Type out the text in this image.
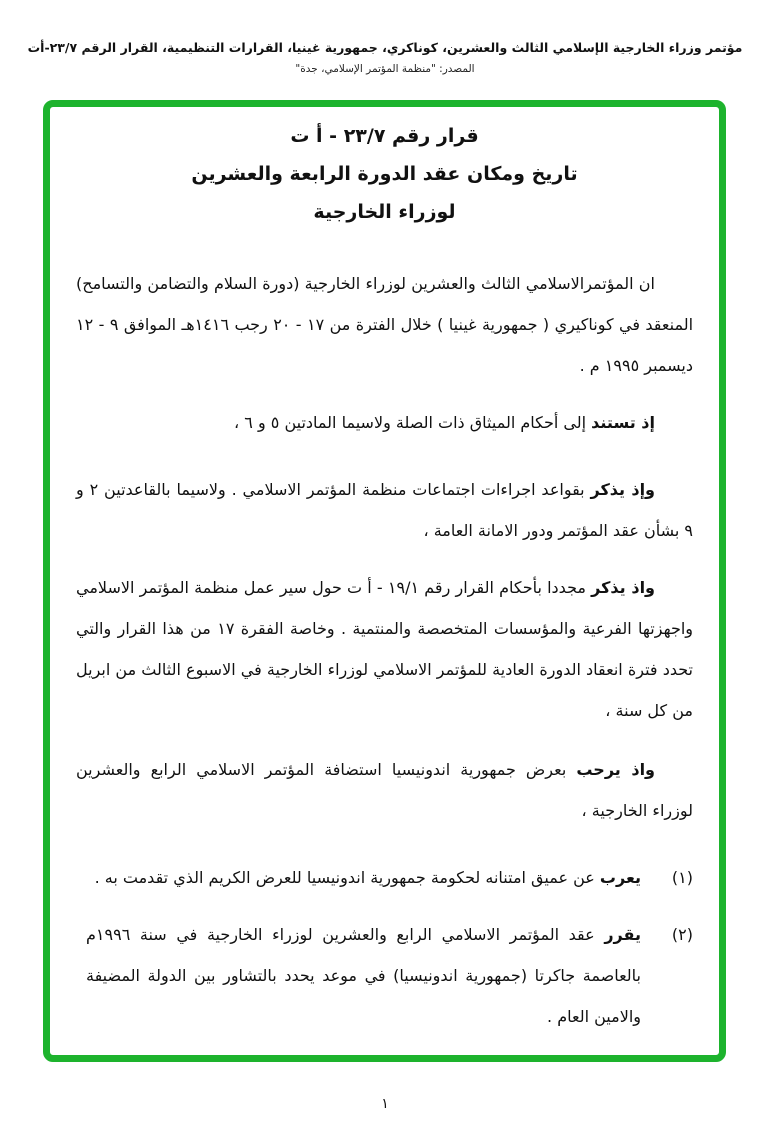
مؤتمر وزراء الخارجية الإسلامي الثالث والعشرين، كوناكري، جمهورية غينيا، القرارات التنظيمية، القرار الرقم ٢٣/٧-أت
المصدر: "منظمة المؤتمر الإسلامي، جدة"
قرار رقم ٢٣/٧ - أ ت
تاريخ ومكان عقد الدورة الرابعة والعشرين
لوزراء الخارجية

ان المؤتمرالاسلامي الثالث والعشرين لوزراء الخارجية (دورة السلام والتضامن والتسامح) المنعقد في كوناكيري ( جمهورية غينيا ) خلال الفترة من ١٧ - ٢٠ رجب ١٤١٦هـ الموافق ٩ - ١٢ ديسمبر ١٩٩٥ م .

إذ تستند إلى أحكام الميثاق ذات الصلة ولاسيما المادتين ٥ و ٦ ،

وإذ يذكر بقواعد اجراءات اجتماعات منظمة المؤتمر الاسلامي . ولاسيما بالقاعدتين ٢ و ٩ بشأن عقد المؤتمر ودور الامانة العامة ،

واذ يذكر مجددا بأحكام القرار رقم ١٩/١ - أ ت حول سير عمل منظمة المؤتمر الاسلامي واجهزتها الفرعية والمؤسسات المتخصصة والمنتمية . وخاصة الفقرة ١٧ من هذا القرار والتي تحدد فترة انعقاد الدورة العادية للمؤتمر الاسلامي لوزراء الخارجية في الاسبوع الثالث من ابريل من كل سنة ،

واذ يرحب بعرض جمهورية اندونيسيا استضافة المؤتمر الاسلامي الرابع والعشرين لوزراء الخارجية ،

(١)

يعرب عن عميق امتنانه لحكومة جمهورية اندونيسيا للعرض الكريم الذي تقدمت به .

(٢)

يقرر عقد المؤتمر الاسلامي الرابع والعشرين لوزراء الخارجية في سنة ١٩٩٦م بالعاصمة جاكرتا (جمهورية اندونيسيا) في موعد يحدد بالتشاور بين الدولة المضيفة والامين العام .

١
